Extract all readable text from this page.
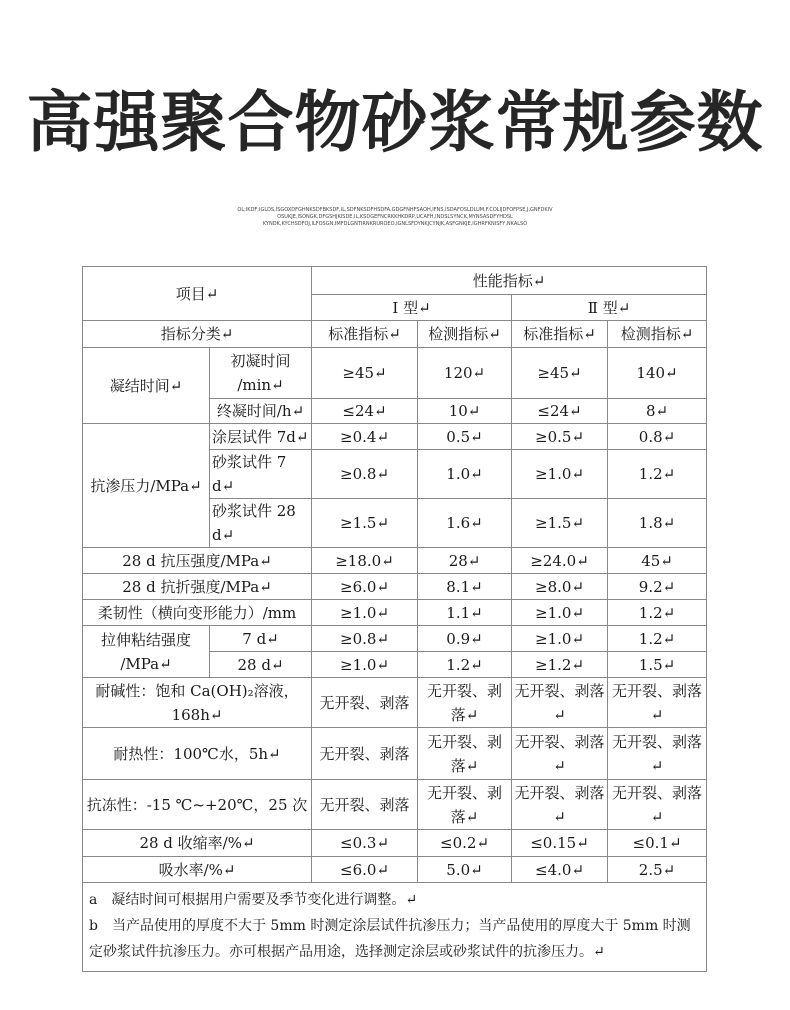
高强聚合物砂浆常规参数
OL;IKDF;IGLDS,ISGOXDFGHNKSDFBKSDF,IL,SDFNKSDFHSDFA,GDGFNHFSAOH,IFNS,ISDAFOSLDLUM,F.COLIJDFOFPSE,J,GNFDKIV
OSUKJE,ISONGK,DFGSHJKISDE,IL,KSDGEFNCRKKHKDRP,UCAFH,INDSLSYNCK,MYNSASDFYHDSL
KYNDK,KYCHSDFOJ,ILFOSGN,IMFDLGNTIRNKRUROEO,IGNLSFDYNKJCYNJK,ASFGNKJE,IGHRFKNISFY,NKALSO
项目↵		性能指标↵			
		Ⅰ 型↵		Ⅱ 型↵	
指标分类↵		标准指标↵	检测指标↵	标准指标↵	检测指标↵
凝结时间↵	初凝时间 /min↵	≥45↵	120↵	≥45↵	140↵
	终凝时间/h↵	≤24↵	10↵	≤24↵	8↵
抗渗压力/MPa↵	涂层试件 7d↵	≥0.4↵	0.5↵	≥0.5↵	0.8↵
	砂浆试件 7 d↵	≥0.8↵	1.0↵	≥1.0↵	1.2↵
	砂浆试件 28 d↵	≥1.5↵	1.6↵	≥1.5↵	1.8↵
28 d 抗压强度/MPa↵		≥18.0↵	28↵	≥24.0↵	45↵
28 d 抗折强度/MPa↵		≥6.0↵	8.1↵	≥8.0↵	9.2↵
柔韧性（横向变形能力）/mm		≥1.0↵	1.1↵	≥1.0↵	1.2↵
拉伸粘结强度 /MPa↵	7 d↵	≥0.8↵	0.9↵	≥1.0↵	1.2↵
	28 d↵	≥1.0↵	1.2↵	≥1.2↵	1.5↵
耐碱性：饱和 Ca(OH)₂溶液，168h↵		无开裂、剥落	无开裂、剥落↵	无开裂、剥落↵	无开裂、剥落↵
耐热性：100℃水，5h↵		无开裂、剥落	无开裂、剥落↵	无开裂、剥落↵	无开裂、剥落↵
抗冻性：-15 ℃~+20℃，25 次		无开裂、剥落	无开裂、剥落↵	无开裂、剥落↵	无开裂、剥落↵
28 d 收缩率/%↵		≤0.3↵	≤0.2↵	≤0.15↵	≤0.1↵
吸水率/%↵		≤6.0↵	5.0↵	≤4.0↵	2.5↵

a　凝结时间可根据用户需要及季节变化进行调整。↵

b　当产品使用的厚度不大于 5mm 时测定涂层试件抗渗压力；当产品使用的厚度大于 5mm 时测定砂浆试件抗渗压力。亦可根据产品用途，选择测定涂层或砂浆试件的抗渗压力。↵					
